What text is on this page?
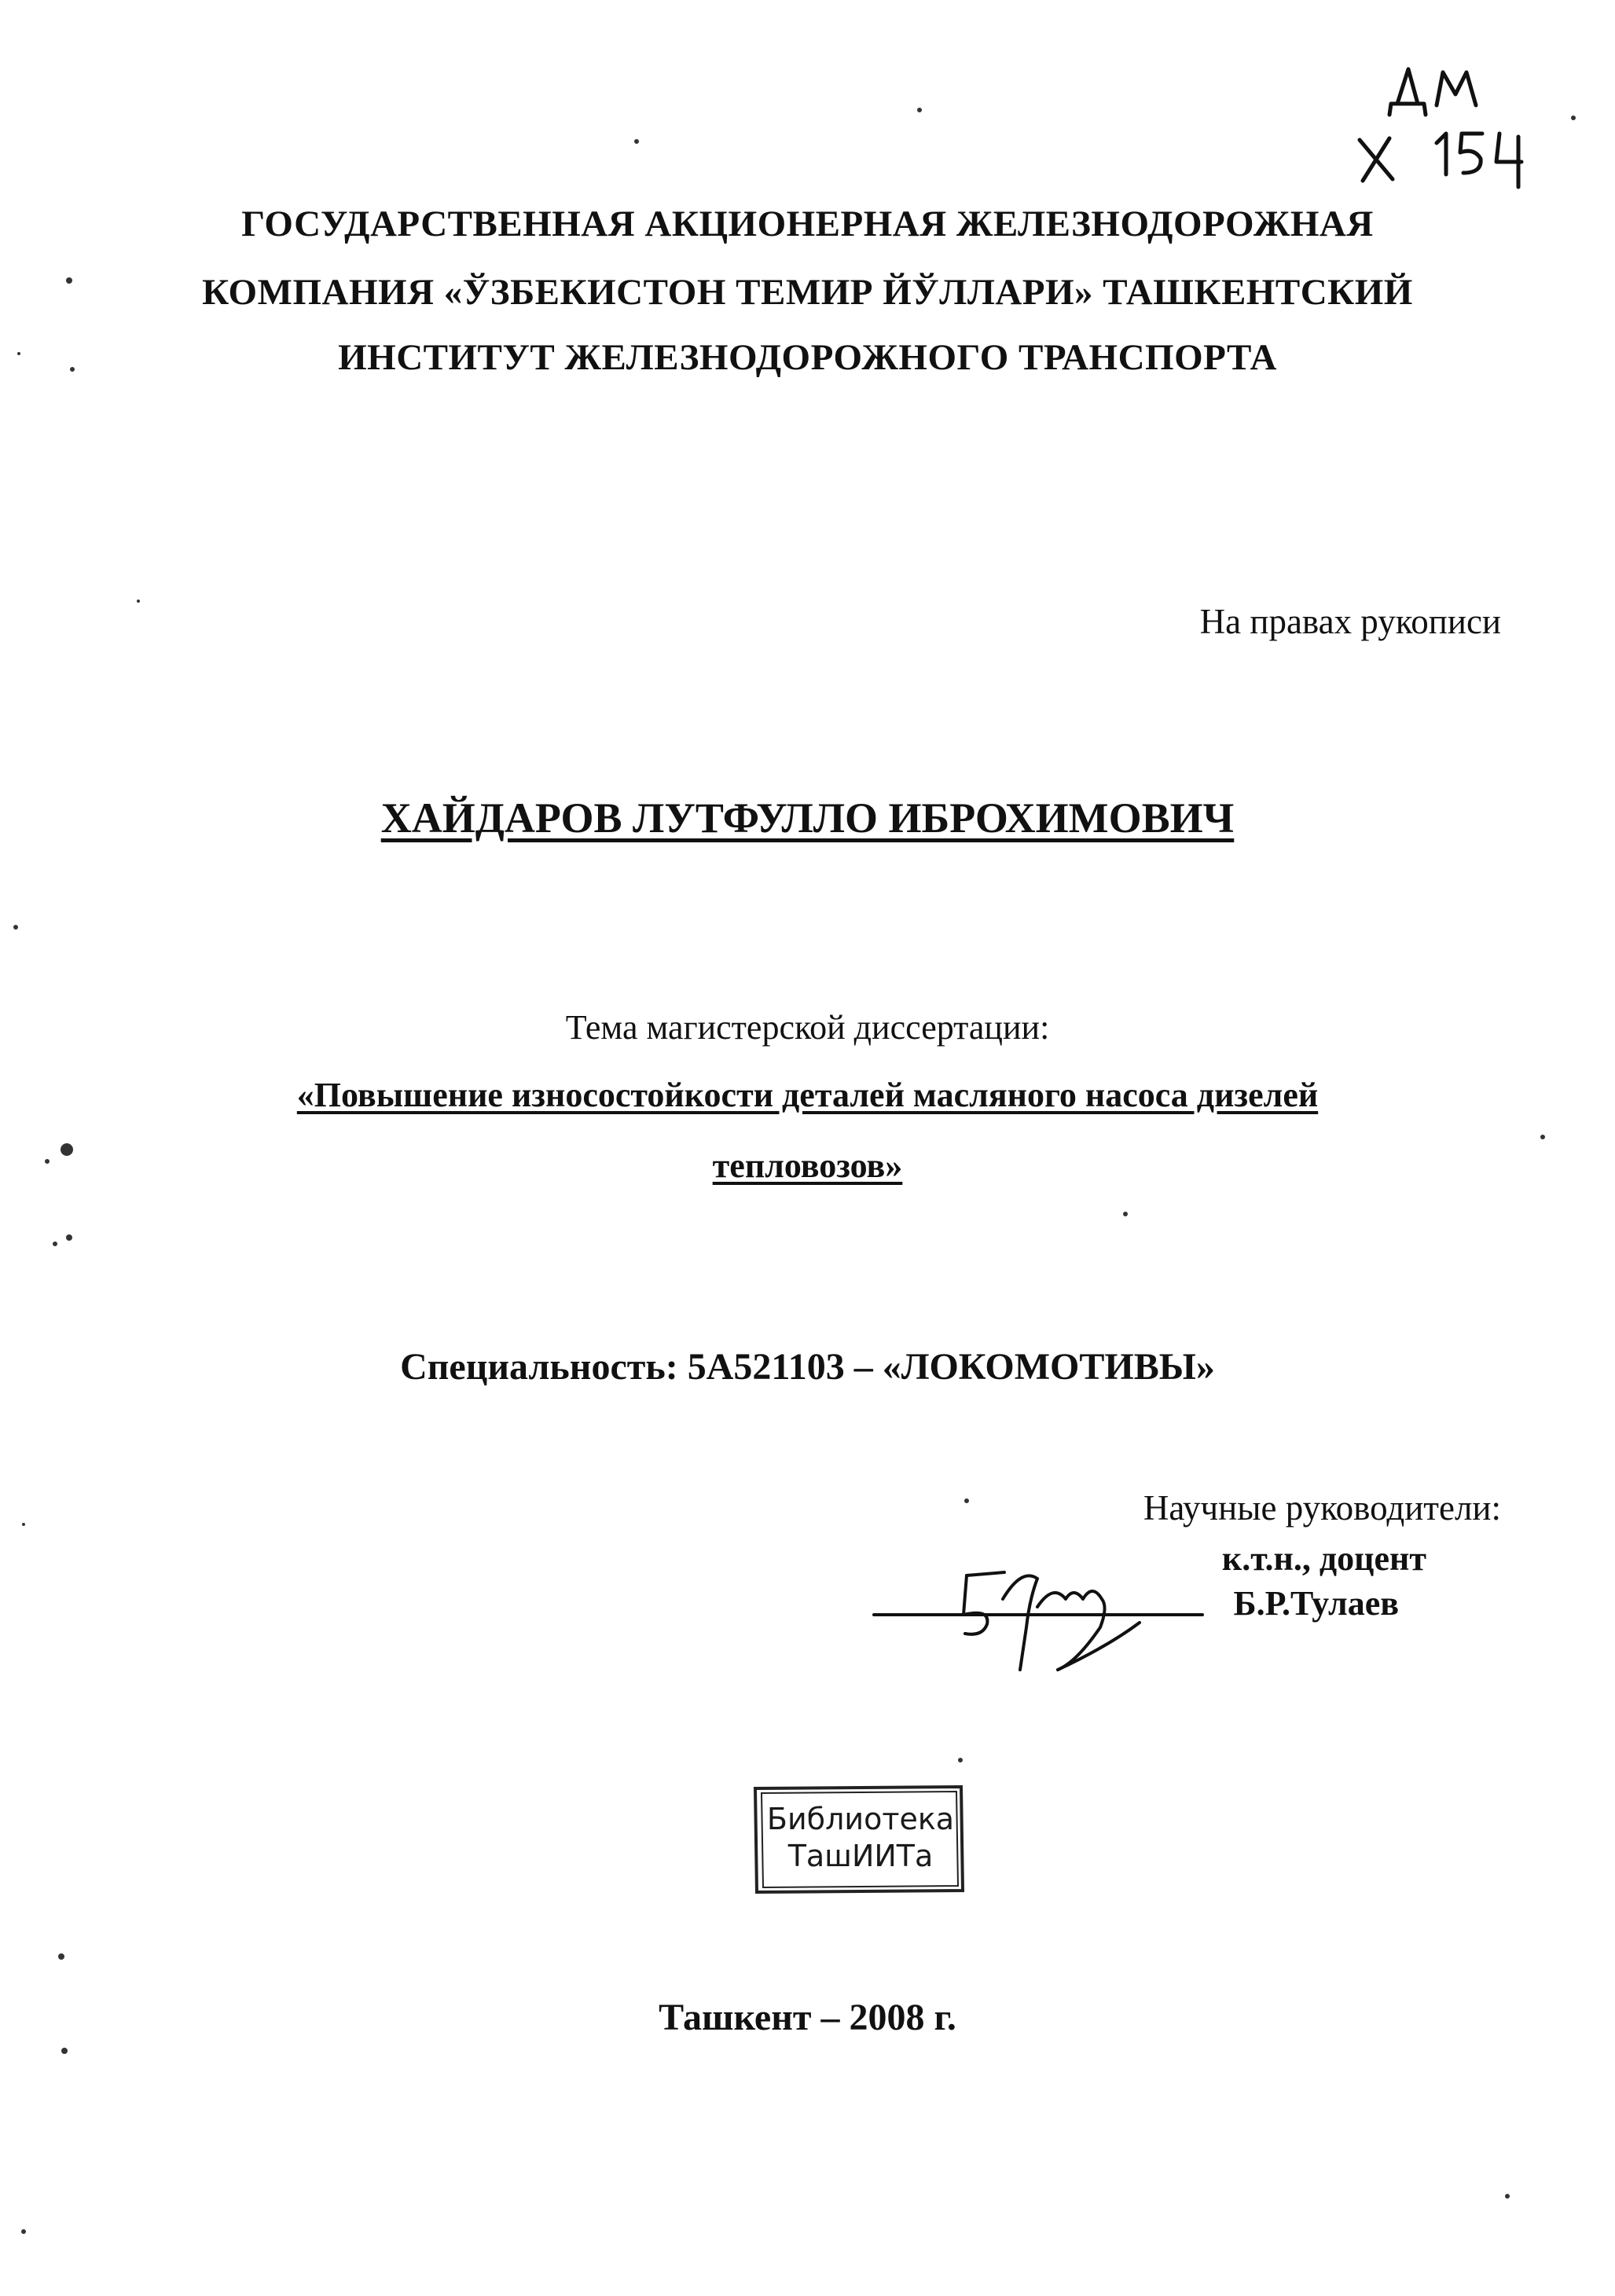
ГОСУДАРСТВЕННАЯ АКЦИОНЕРНАЯ ЖЕЛЕЗНОДОРОЖНАЯ
КОМПАНИЯ «ЎЗБЕКИСТОН ТЕМИР ЙЎЛЛАРИ» ТАШКЕНТСКИЙ
ИНСТИТУТ ЖЕЛЕЗНОДОРОЖНОГО ТРАНСПОРТА
На правах рукописи
ХАЙДАРОВ ЛУТФУЛЛО ИБРОХИМОВИЧ
Тема магистерской диссертации:
«Повышение износостойкости деталей масляного насоса дизелей
тепловозов»
Специальность: 5А521103 – «ЛОКОМОТИВЫ»
Научные руководители:
к.т.н., доцент
Б.Р.Тулаев
Библиотека
ТашИИТа
Ташкент – 2008 г.
